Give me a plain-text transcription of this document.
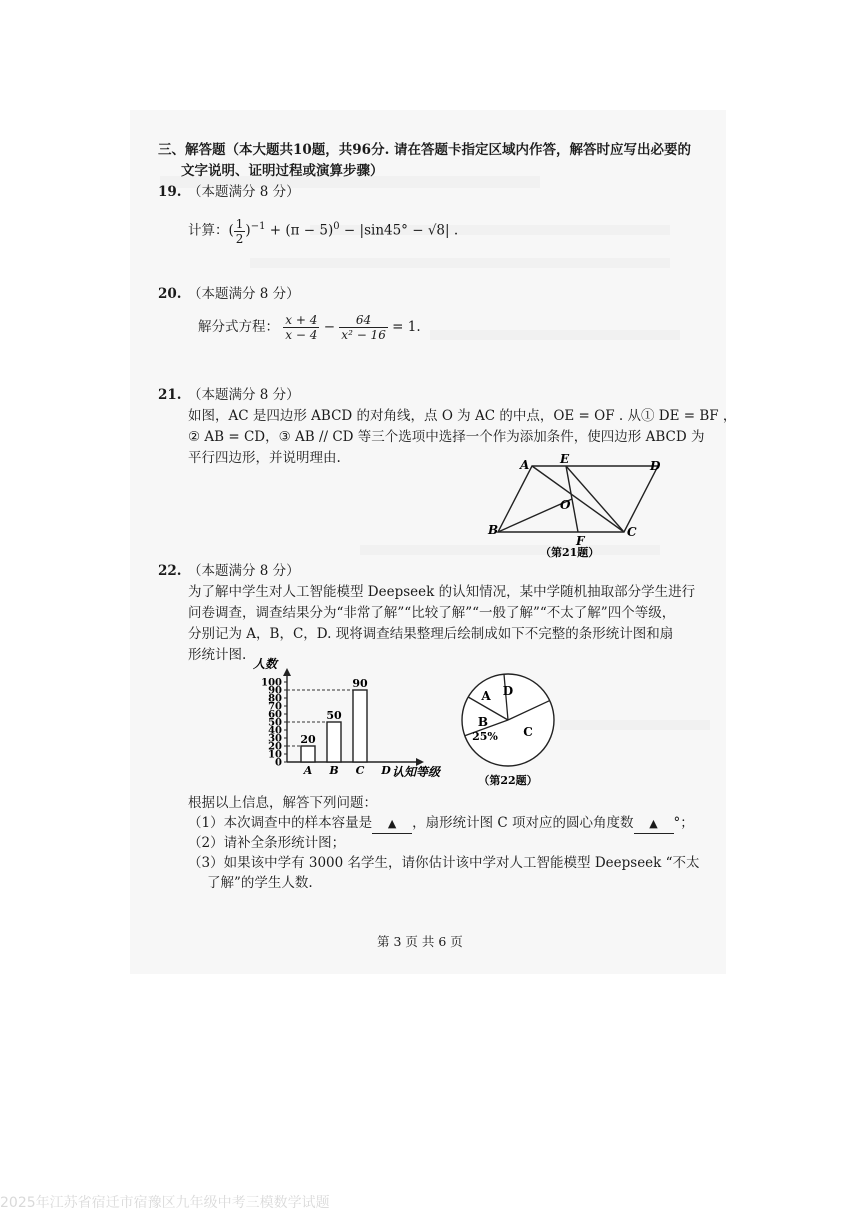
三、解答题（本大题共10题，共96分. 请在答题卡指定区域内作答，解答时应写出必要的
文字说明、证明过程或演算步骤）
19. （本题满分 8 分）
计算：( $\frac{1}{2} )^{-1} + (\pi - 5)^0 - |\sin 45^\circ - √8|$ .
20. （本题满分 8 分）
解分式方程： $\frac{x + 4}{x - 4} - \frac{64}{\text{x² − 16}} = 1$.
21. （本题满分 8 分）
如图，AC 是四边形 ABCD 的对角线，点 O 为 AC 的中点，OE = OF . 从① DE = BF ，
② AB = CD，③ AB // CD 等三个选项中选择一个作为添加条件，使四边形 ABCD 为
平行四边形，并说明理由.	A	E	D
O
B
F
C
（第21题）
22. （本题满分 8 分）
为了解中学生对人工智能模型 Deepseek 的认知情况，某中学随机抽取部分学生进行
问卷调查，调查结果分为“非常了解”“比较了解”“一般了解”“不太了解”四个等级，
分别记为 A，B，C，D. 现将调查结果整理后绘制成如下不完整的条形统计图和扇
形统计图.
人数
认知等级
0
10
20
30
40
50
60
70
80
90
100
20
A
50
B
90
C D
A D
B
C
25%
（第22题）
根据以上信息，解答下列问题：
（1）本次调查中的样本容量是 ▲ ，扇形统计图 C 项对应的圆心角度数 ▲ °；
（2）请补全条形统计图；
（3）如果该中学有 3000 名学生，请你估计该中学对人工智能模型 Deepseek “不太
了解”的学生人数.
第 3 页 共 6 页
2025年江苏省宿迁市宿豫区九年级中考三模数学试题
